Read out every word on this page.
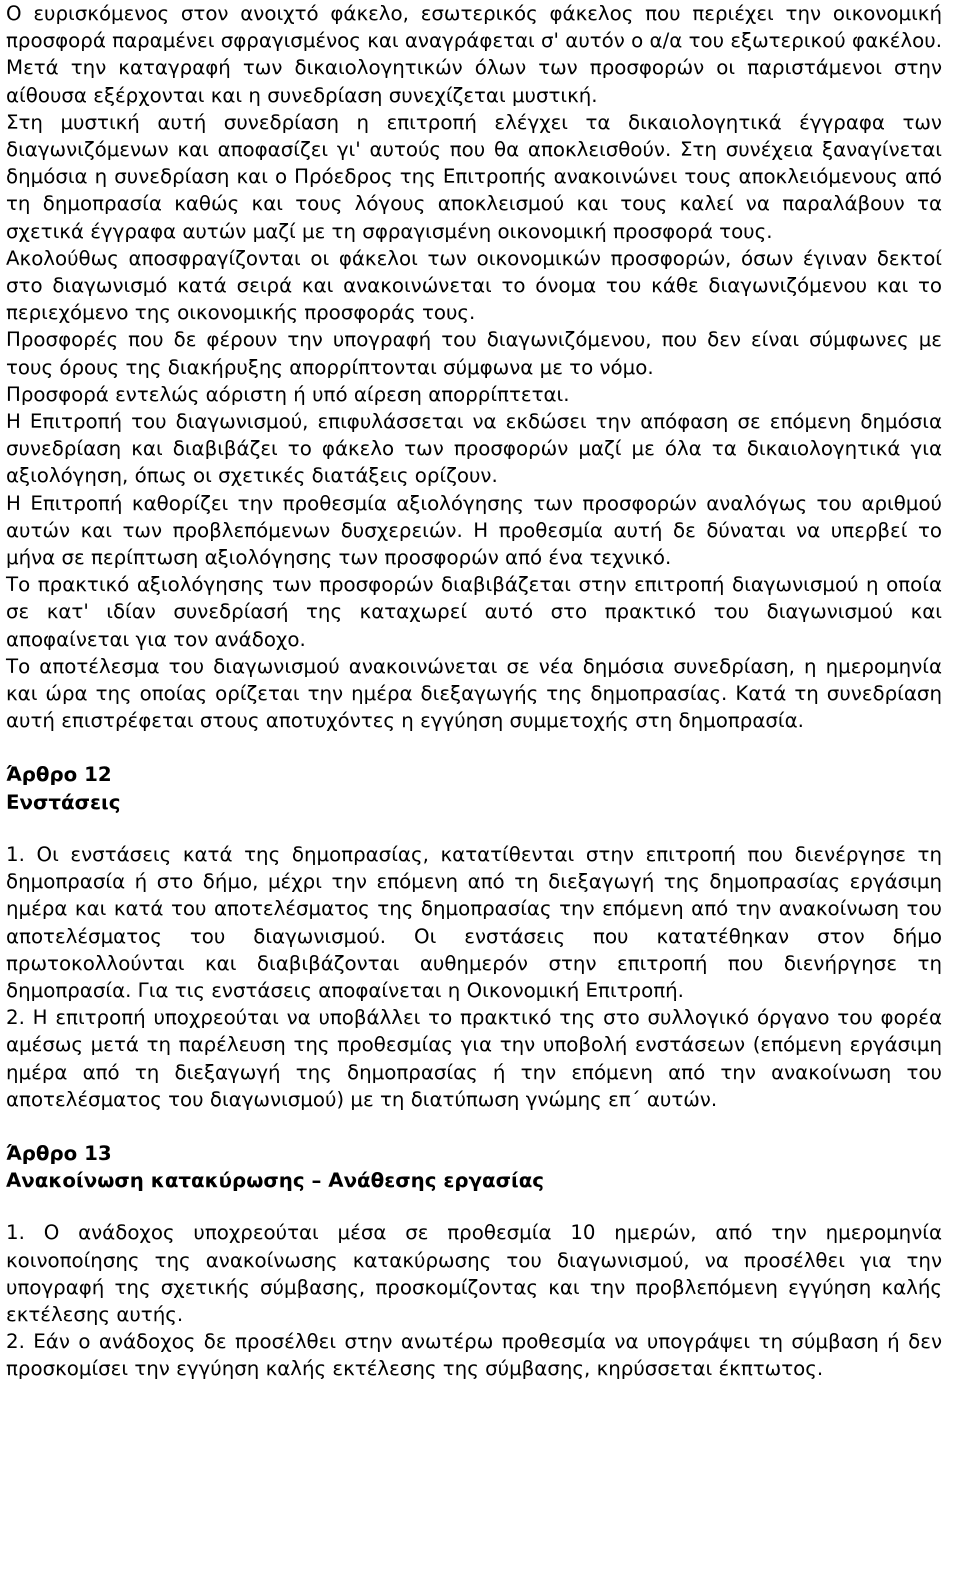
Ο ευρισκόμενος στον ανοιχτό φάκελο, εσωτερικός φάκελος που περιέχει την οικονομική προσφορά παραμένει σφραγισμένος και αναγράφεται σ' αυτόν ο α/α του εξωτερικού φακέλου. Μετά την καταγραφή των δικαιολογητικών όλων των προσφορών οι παριστάμενοι στην αίθουσα εξέρχονται και η συνεδρίαση συνεχίζεται μυστική.

Στη μυστική αυτή συνεδρίαση η επιτροπή ελέγχει τα δικαιολογητικά έγγραφα των διαγωνιζόμενων και αποφασίζει γι' αυτούς που θα αποκλεισθούν. Στη συνέχεια ξαναγίνεται δημόσια η συνεδρίαση και ο Πρόεδρος της Επιτροπής ανακοινώνει τους αποκλειόμενους από τη δημοπρασία καθώς και τους λόγους αποκλεισμού και τους καλεί να παραλάβουν τα σχετικά έγγραφα αυτών μαζί με τη σφραγισμένη οικονομική προσφορά τους.

Ακολούθως αποσφραγίζονται οι φάκελοι των οικονομικών προσφορών, όσων έγιναν δεκτοί στο διαγωνισμό κατά σειρά και ανακοινώνεται το όνομα του κάθε διαγωνιζόμενου και το περιεχόμενο της οικονομικής προσφοράς τους.

Προσφορές που δε φέρουν την υπογραφή του διαγωνιζόμενου, που δεν είναι σύμφωνες με τους όρους της διακήρυξης απορρίπτονται σύμφωνα με το νόμο.

Προσφορά εντελώς αόριστη ή υπό αίρεση απορρίπτεται.

Η Επιτροπή του διαγωνισμού, επιφυλάσσεται να εκδώσει την απόφαση σε επόμενη δημόσια συνεδρίαση και διαβιβάζει το φάκελο των προσφορών μαζί με όλα τα δικαιολογητικά για αξιολόγηση, όπως οι σχετικές διατάξεις ορίζουν.

Η Επιτροπή καθορίζει την προθεσμία αξιολόγησης των προσφορών αναλόγως του αριθμού αυτών και των προβλεπόμενων δυσχερειών. Η προθεσμία αυτή δε δύναται να υπερβεί το μήνα σε περίπτωση αξιολόγησης των προσφορών από ένα τεχνικό.

Το πρακτικό αξιολόγησης των προσφορών διαβιβάζεται στην επιτροπή διαγωνισμού η οποία σε κατ' ιδίαν συνεδρίασή της καταχωρεί αυτό στο πρακτικό του διαγωνισμού και αποφαίνεται για τον ανάδοχο.

Το αποτέλεσμα του διαγωνισμού ανακοινώνεται σε νέα δημόσια συνεδρίαση, η ημερομηνία και ώρα της οποίας ορίζεται την ημέρα διεξαγωγής της δημοπρασίας. Κατά τη συνεδρίαση αυτή επιστρέφεται στους αποτυχόντες η εγγύηση συμμετοχής στη δημοπρασία.

Άρθρο 12

Ενστάσεις

1. Οι ενστάσεις κατά της δημοπρασίας, κατατίθενται στην επιτροπή που διενέργησε τη δημοπρασία ή στο δήμο, μέχρι την επόμενη από τη διεξαγωγή της δημοπρασίας εργάσιμη ημέρα και κατά του αποτελέσματος της δημοπρασίας την επόμενη από την ανακοίνωση του αποτελέσματος του διαγωνισμού. Οι ενστάσεις που κατατέθηκαν στον δήμο πρωτοκολλούνται και διαβιβάζονται αυθημερόν στην επιτροπή που διενήργησε τη δημοπρασία. Για τις ενστάσεις αποφαίνεται η Οικονομική Επιτροπή.

2. Η επιτροπή υποχρεούται να υποβάλλει το πρακτικό της στο συλλογικό όργανο του φορέα αμέσως μετά τη παρέλευση της προθεσμίας για την υποβολή ενστάσεων (επόμενη εργάσιμη ημέρα από τη διεξαγωγή της δημοπρασίας ή την επόμενη από την ανακοίνωση του αποτελέσματος του διαγωνισμού) με τη διατύπωση γνώμης επ΄ αυτών.

Άρθρο 13

Ανακοίνωση κατακύρωσης – Ανάθεσης εργασίας

1. Ο ανάδοχος υποχρεούται μέσα σε προθεσμία 10 ημερών, από την ημερομηνία κοινοποίησης της ανακοίνωσης κατακύρωσης του διαγωνισμού, να προσέλθει για την υπογραφή της σχετικής σύμβασης, προσκομίζοντας και την προβλεπόμενη εγγύηση καλής εκτέλεσης αυτής.

2. Εάν ο ανάδοχος δε προσέλθει στην ανωτέρω προθεσμία να υπογράψει τη σύμβαση ή δεν προσκομίσει την εγγύηση καλής εκτέλεσης της σύμβασης, κηρύσσεται έκπτωτος.
